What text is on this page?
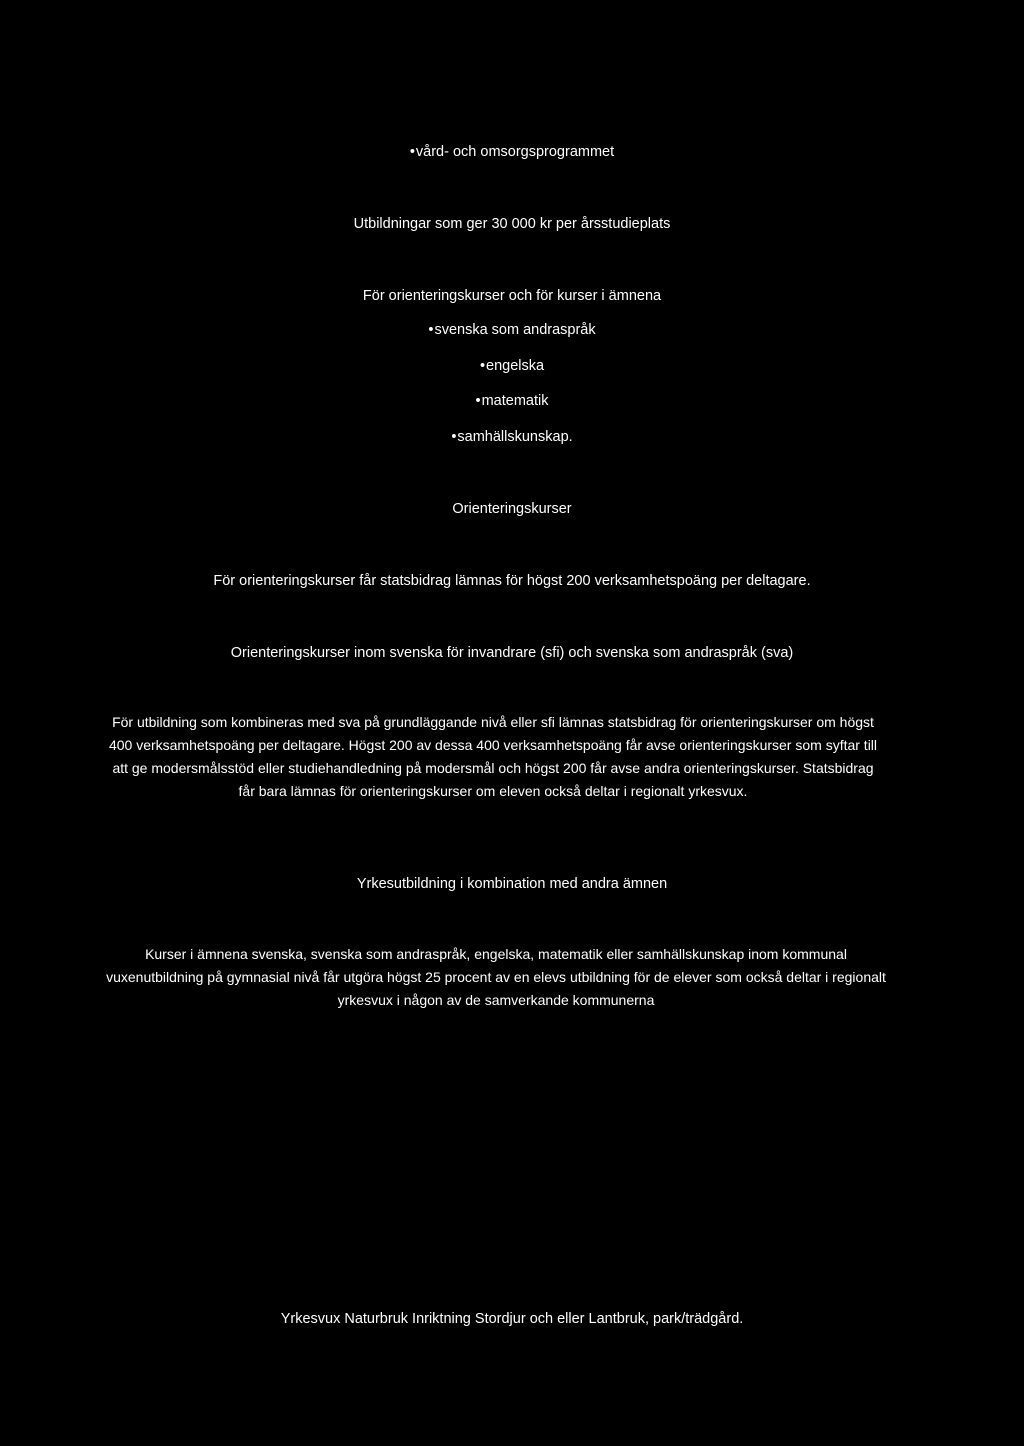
• vård- och omsorgsprogrammet
Utbildningar som ger 30 000 kr per årsstudieplats
För orienteringskurser och för kurser i ämnena
• svenska som andraspråk
• engelska
• matematik
• samhällskunskap.
Orienteringskurser
För orienteringskurser får statsbidrag lämnas för högst 200 verksamhetspoäng per deltagare.
Orienteringskurser inom svenska för invandrare (sfi) och svenska som andraspråk (sva)
För utbildning som kombineras med sva på grundläggande nivå eller sfi lämnas statsbidrag för orienteringskurser om högst 400 verksamhetspoäng per deltagare. Högst 200 av dessa 400 verksamhetspoäng får avse orienteringskurser som syftar till att ge modersmålsstöd eller studiehandledning på modersmål och högst 200 får avse andra orienteringskurser. Statsbidrag får bara lämnas för orienteringskurser om eleven också deltar i regionalt yrkesvux.
Yrkesutbildning i kombination med andra ämnen
Kurser i ämnena svenska, svenska som andraspråk, engelska, matematik eller samhällskunskap inom kommunal vuxenutbildning på gymnasial nivå får utgöra högst 25 procent av en elevs utbildning för de elever som också deltar i regionalt yrkesvux i någon av de samverkande kommunerna
Yrkesvux Naturbruk Inriktning Stordjur och eller Lantbruk, park/trädgård.
